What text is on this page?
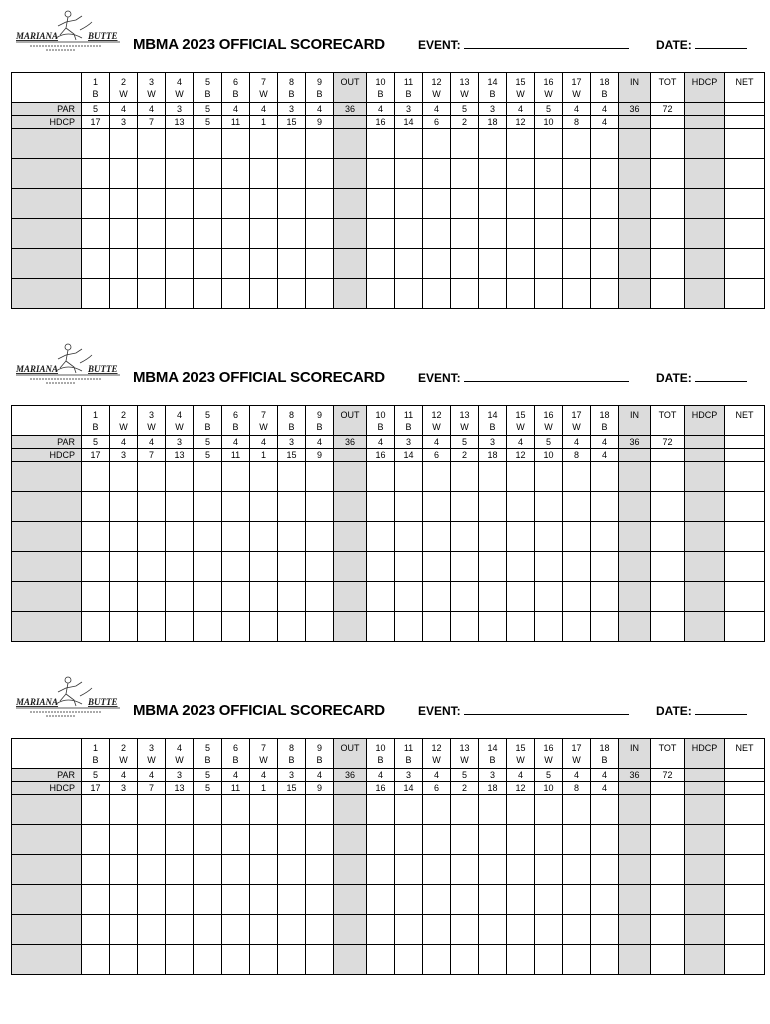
MARIANA	BUTTE MBMA 2023 OFFICIAL SCORECARD	EVENT:	DATE:
	1	2	3	4	5	6	7	8	9	OUT	10	11	12	13	14	15	16	17	18	IN	TOT	HDCP	NET
	B	W	W	W	B	B	W	B	B		B	B	W	W	B	W	W	W	B				
PAR	5	4	4	3	5	4	4	3	4	36	4	3	4	5	3	4	5	4	4	36	72		
HDCP	17	3	7	13	5	11	1	15	9		16	14	6	2	18	12	10	8	4				

MARIANA	BUTTE MBMA 2023 OFFICIAL SCORECARD	EVENT:	DATE:
	1	2	3	4	5	6	7	8	9	OUT	10	11	12	13	14	15	16	17	18	IN	TOT	HDCP	NET
	B	W	W	W	B	B	W	B	B		B	B	W	W	B	W	W	W	B				
PAR	5	4	4	3	5	4	4	3	4	36	4	3	4	5	3	4	5	4	4	36	72		
HDCP	17	3	7	13	5	11	1	15	9		16	14	6	2	18	12	10	8	4				

MARIANA	BUTTE MBMA 2023 OFFICIAL SCORECARD	EVENT:	DATE:
	1	2	3	4	5	6	7	8	9	OUT	10	11	12	13	14	15	16	17	18	IN	TOT	HDCP	NET
	B	W	W	W	B	B	W	B	B		B	B	W	W	B	W	W	W	B				
PAR	5	4	4	3	5	4	4	3	4	36	4	3	4	5	3	4	5	4	4	36	72		
HDCP	17	3	7	13	5	11	1	15	9		16	14	6	2	18	12	10	8	4				
